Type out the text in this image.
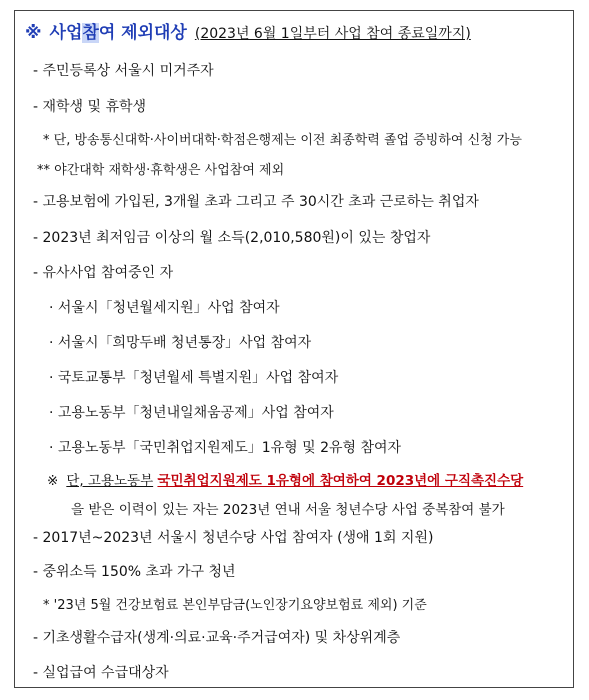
※ 사업참여 제외대상 (2023년 6월 1일부터 사업 참여 종료일까지)
- 주민등록상 서울시 미거주자
- 재학생 및 휴학생
* 단, 방송통신대학·사이버대학·학점은행제는 이전 최종학력 졸업 증빙하여 신청 가능
** 야간대학 재학생·휴학생은 사업참여 제외
- 고용보험에 가입된, 3개월 초과 그리고 주 30시간 초과 근로하는 취업자
- 2023년 최저임금 이상의 월 소득(2,010,580원)이 있는 창업자
- 유사사업 참여중인 자
· 서울시「청년월세지원」사업 참여자
· 서울시「희망두배 청년통장」사업 참여자
· 국토교통부「청년월세 특별지원」사업 참여자
· 고용노동부「청년내일채움공제」사업 참여자
· 고용노동부「국민취업지원제도」1유형 및 2유형 참여자
※ 단, 고용노동부 국민취업지원제도 1유형에 참여하여 2023년에 구직촉진수당
을 받은 이력이 있는 자는 2023년 연내 서울 청년수당 사업 중복참여 불가
- 2017년~2023년 서울시 청년수당 사업 참여자 (생애 1회 지원)
- 중위소득 150% 초과 가구 청년
* '23년 5월 건강보험료 본인부담금(노인장기요양보험료 제외) 기준
- 기초생활수급자(생계·의료·교육·주거급여자) 및 차상위계층
- 실업급여 수급대상자
